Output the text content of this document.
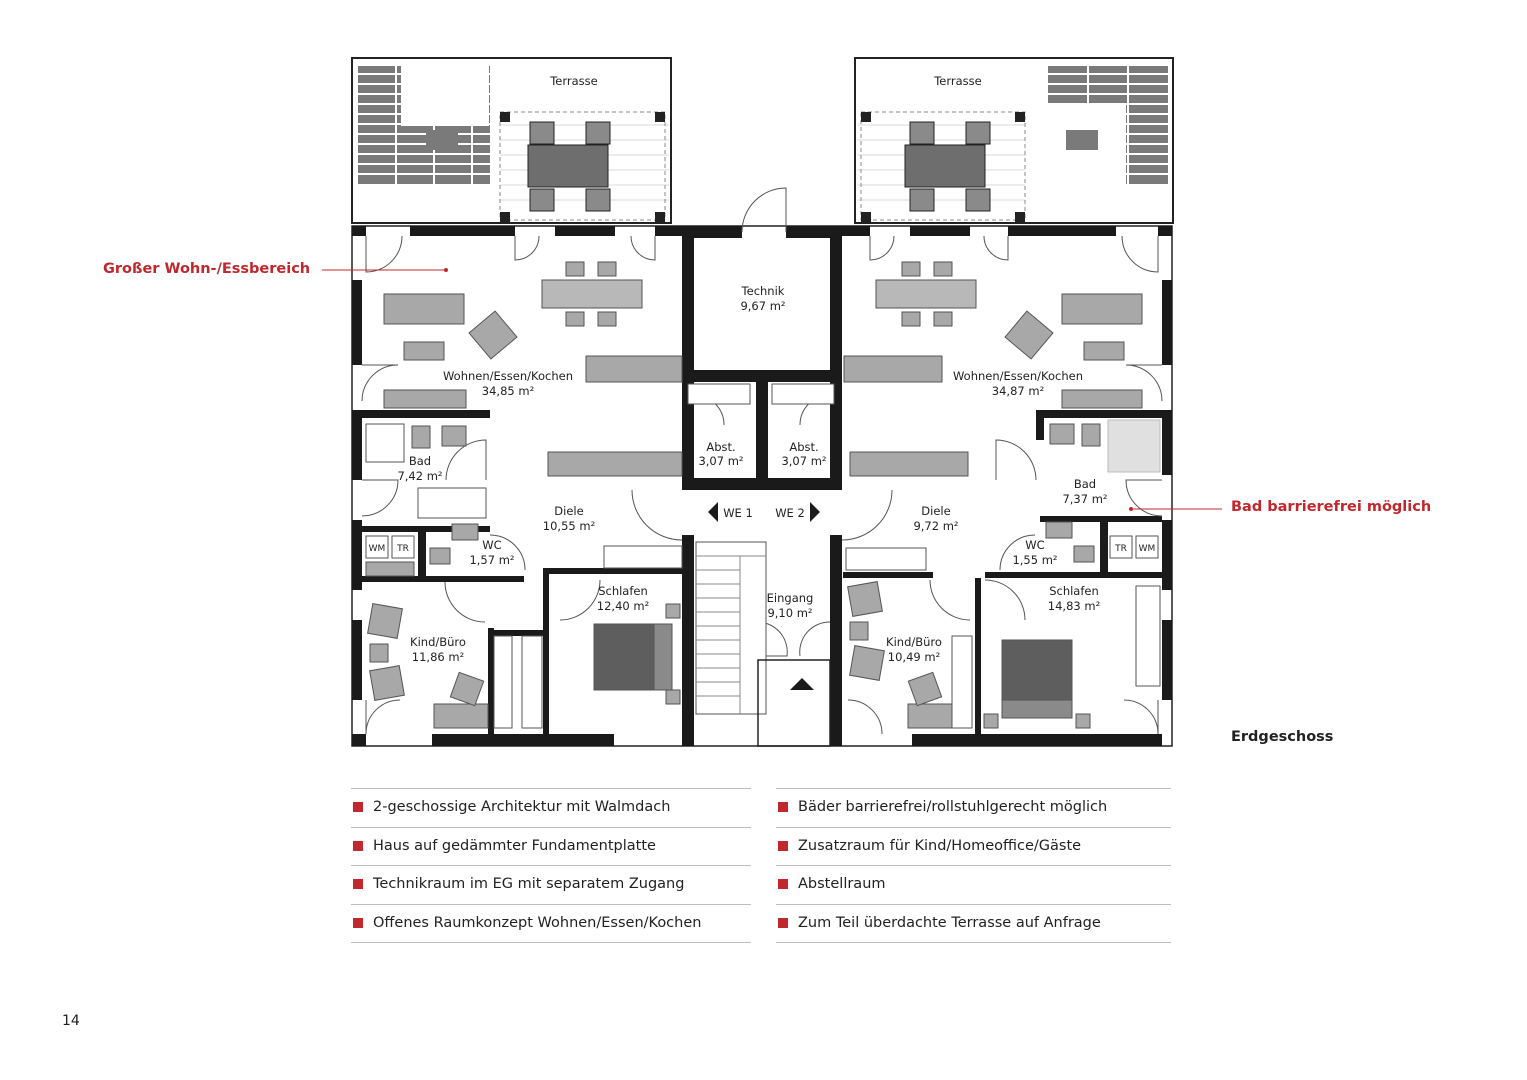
Terrasse	Terrasse
Technik
9,67 m²
Wohnen/Essen/Kochen
34,85 m²
Wohnen/Essen/Kochen
34,87 m²
Abst.
3,07 m²
Abst.
3,07 m²
Bad
7,42 m²
Bad
7,37 m²
Diele
10,55 m²
Diele
9,72 m²
WE 1 WE 2
WC
1,57 m²
WC
1,55 m²
WM TR	TR WM
Schlafen
12,40 m²
Schlafen
14,83 m²
Eingang
9,10 m²
Kind/Büro
11,86 m²
Kind/Büro
10,49 m²
Großer Wohn-/Essbereich
Bad barrierefrei möglich
Erdgeschoss
2-geschossige Architektur mit Walmdach
Haus auf gedämmter Fundamentplatte
Technikraum im EG mit separatem Zugang
Offenes Raumkonzept Wohnen/Essen/Kochen
Bäder barrierefrei/rollstuhlgerecht möglich
Zusatzraum für Kind/Homeoffice/Gäste
Abstellraum
Zum Teil überdachte Terrasse auf Anfrage
14
